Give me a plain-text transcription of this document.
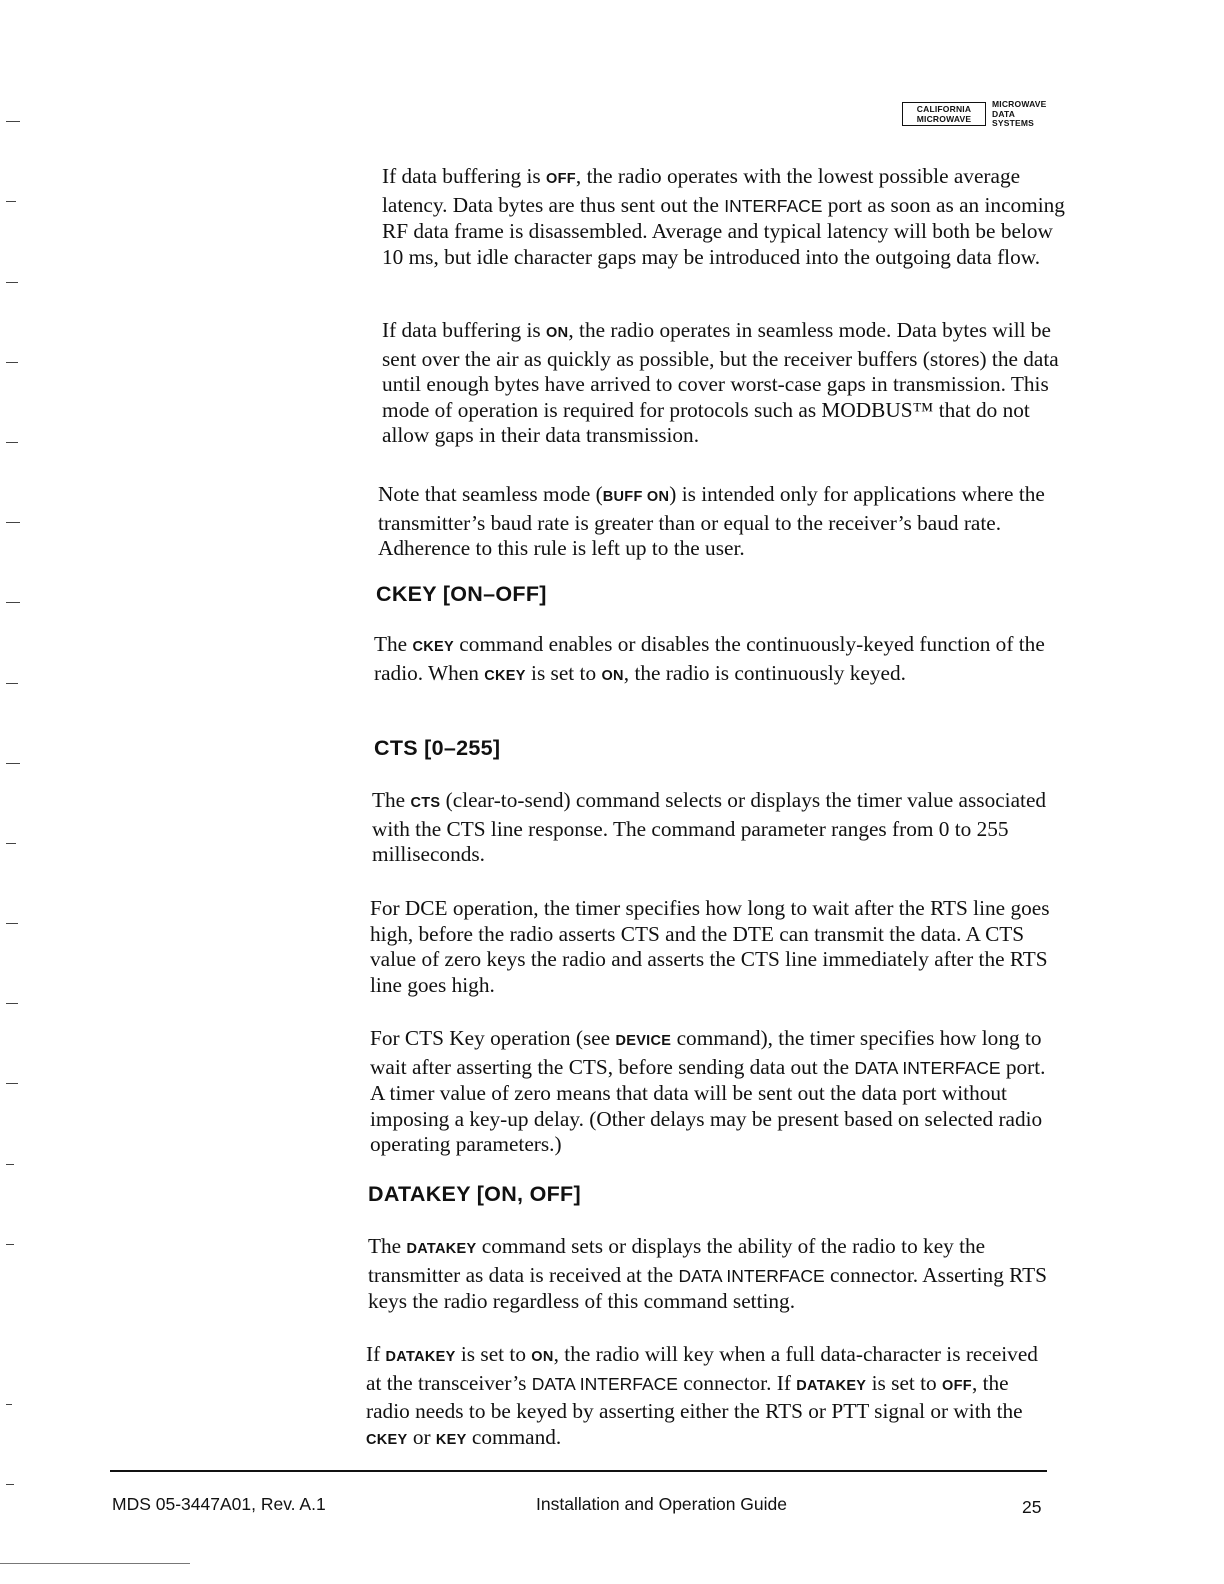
CALIFORNIA
MICROWAVE
MICROWAVE
DATA
SYSTEMS

If data buffering is OFF, the radio operates with the lowest possible average latency. Data bytes are thus sent out the INTERFACE port as soon as an incoming RF data frame is disassembled. Average and typical latency will both be below 10 ms, but idle character gaps may be introduced into the outgoing data flow.

If data buffering is ON, the radio operates in seamless mode. Data bytes will be sent over the air as quickly as possible, but the receiver buffers (stores) the data until enough bytes have arrived to cover worst-case gaps in transmission. This mode of operation is required for protocols such as MODBUS™ that do not allow gaps in their data transmission.

Note that seamless mode (BUFF ON) is intended only for applications where the transmitter’s baud rate is greater than or equal to the receiver’s baud rate. Adherence to this rule is left up to the user.

CKEY [ON–OFF]

The CKEY command enables or disables the continuously-keyed function of the radio. When CKEY is set to ON, the radio is continuously keyed.

CTS [0–255]

The CTS (clear-to-send) command selects or displays the timer value associated with the CTS line response. The command parameter ranges from 0 to 255 milliseconds.

For DCE operation, the timer specifies how long to wait after the RTS line goes high, before the radio asserts CTS and the DTE can transmit the data. A CTS value of zero keys the radio and asserts the CTS line immediately after the RTS line goes high.

For CTS Key operation (see DEVICE command), the timer specifies how long to wait after asserting the CTS, before sending data out the DATA INTERFACE port. A timer value of zero means that data will be sent out the data port without imposing a key-up delay. (Other delays may be present based on selected radio operating parameters.)

DATAKEY [ON, OFF]

The DATAKEY command sets or displays the ability of the radio to key the transmitter as data is received at the DATA INTERFACE connector. Asserting RTS keys the radio regardless of this command setting.

If DATAKEY is set to ON, the radio will key when a full data-character is received at the transceiver’s DATA INTERFACE connector. If DATAKEY is set to OFF, the radio needs to be keyed by asserting either the RTS or PTT signal or with the CKEY or KEY command.

MDS 05-3447A01, Rev. A.1	Installation and Operation Guide	25
